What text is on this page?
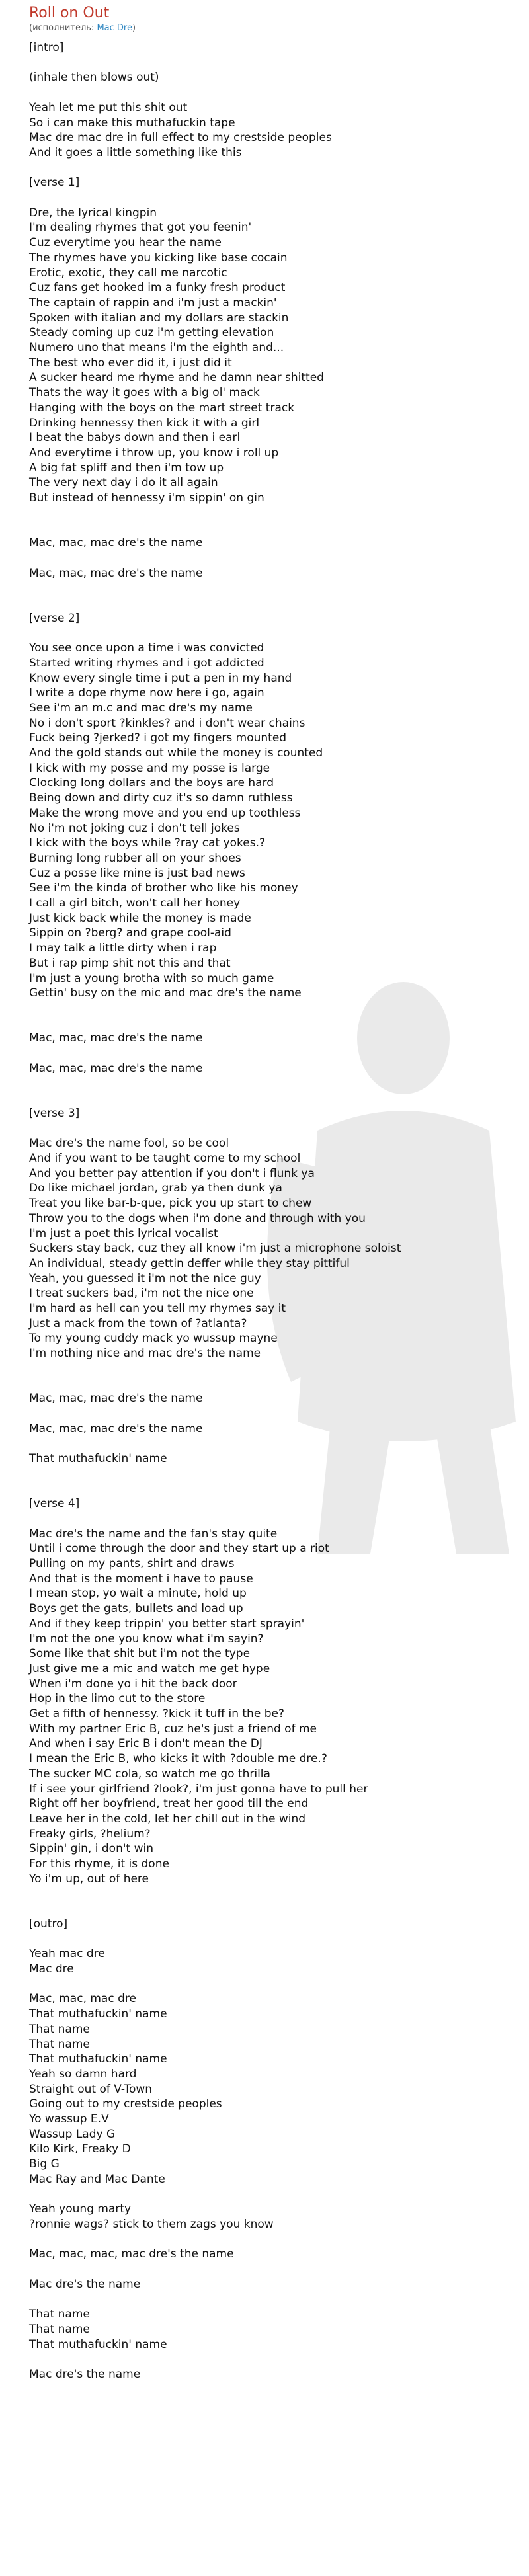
Roll on Out

(исполнитель: Mac Dre)

[intro]

(inhale then blows out)

Yeah let me put this shit out
So i can make this muthafuckin tape
Mac dre mac dre in full effect to my crestside peoples
And it goes a little something like this

[verse 1]

Dre, the lyrical kingpin
I'm dealing rhymes that got you feenin'
Cuz everytime you hear the name
The rhymes have you kicking like base cocain
Erotic, exotic, they call me narcotic
Cuz fans get hooked im a funky fresh product
The captain of rappin and i'm just a mackin'
Spoken with italian and my dollars are stackin
Steady coming up cuz i'm getting elevation
Numero uno that means i'm the eighth and...
The best who ever did it, i just did it
A sucker heard me rhyme and he damn near shitted
Thats the way it goes with a big ol' mack
Hanging with the boys on the mart street track
Drinking hennessy then kick it with a girl
I beat the babys down and then i earl
And everytime i throw up, you know i roll up
A big fat spliff and then i'm tow up
The very next day i do it all again
But instead of hennessy i'm sippin' on gin

Mac, mac, mac dre's the name

Mac, mac, mac dre's the name

[verse 2]

You see once upon a time i was convicted
Started writing rhymes and i got addicted
Know every single time i put a pen in my hand
I write a dope rhyme now here i go, again
See i'm an m.c and mac dre's my name
No i don't sport ?kinkles? and i don't wear chains
Fuck being ?jerked? i got my fingers mounted
And the gold stands out while the money is counted
I kick with my posse and my posse is large
Clocking long dollars and the boys are hard
Being down and dirty cuz it's so damn ruthless
Make the wrong move and you end up toothless
No i'm not joking cuz i don't tell jokes
I kick with the boys while ?ray cat yokes.?
Burning long rubber all on your shoes
Cuz a posse like mine is just bad news
See i'm the kinda of brother who like his money
I call a girl bitch, won't call her honey
Just kick back while the money is made
Sippin on ?berg? and grape cool-aid
I may talk a little dirty when i rap
But i rap pimp shit not this and that
I'm just a young brotha with so much game
Gettin' busy on the mic and mac dre's the name

Mac, mac, mac dre's the name

Mac, mac, mac dre's the name

[verse 3]

Mac dre's the name fool, so be cool
And if you want to be taught come to my school
And you better pay attention if you don't i flunk ya
Do like michael jordan, grab ya then dunk ya
Treat you like bar-b-que, pick you up start to chew
Throw you to the dogs when i'm done and through with you
I'm just a poet this lyrical vocalist
Suckers stay back, cuz they all know i'm just a microphone soloist
An individual, steady gettin deffer while they stay pittiful
Yeah, you guessed it i'm not the nice guy
I treat suckers bad, i'm not the nice one
I'm hard as hell can you tell my rhymes say it
Just a mack from the town of ?atlanta?
To my young cuddy mack yo wussup mayne
I'm nothing nice and mac dre's the name

Mac, mac, mac dre's the name

Mac, mac, mac dre's the name

That muthafuckin' name

[verse 4]

Mac dre's the name and the fan's stay quite
Until i come through the door and they start up a riot
Pulling on my pants, shirt and draws
And that is the moment i have to pause
I mean stop, yo wait a minute, hold up
Boys get the gats, bullets and load up
And if they keep trippin' you better start sprayin'
I'm not the one you know what i'm sayin?
Some like that shit but i'm not the type
Just give me a mic and watch me get hype
When i'm done yo i hit the back door
Hop in the limo cut to the store
Get a fifth of hennessy. ?kick it tuff in the be?
With my partner Eric B, cuz he's just a friend of me
And when i say Eric B i don't mean the DJ
I mean the Eric B, who kicks it with ?double me dre.?
The sucker MC cola, so watch me go thrilla
If i see your girlfriend ?look?, i'm just gonna have to pull her
Right off her boyfriend, treat her good till the end
Leave her in the cold, let her chill out in the wind
Freaky girls, ?helium?
Sippin' gin, i don't win
For this rhyme, it is done
Yo i'm up, out of here

[outro]

Yeah mac dre
Mac dre

Mac, mac, mac dre
That muthafuckin' name
That name
That name
That muthafuckin' name
Yeah so damn hard
Straight out of V-Town
Going out to my crestside peoples
Yo wassup E.V
Wassup Lady G
Kilo Kirk, Freaky D
Big G
Mac Ray and Mac Dante

Yeah young marty
?ronnie wags? stick to them zags you know

Mac, mac, mac, mac dre's the name

Mac dre's the name

That name
That name
That muthafuckin' name

Mac dre's the name
